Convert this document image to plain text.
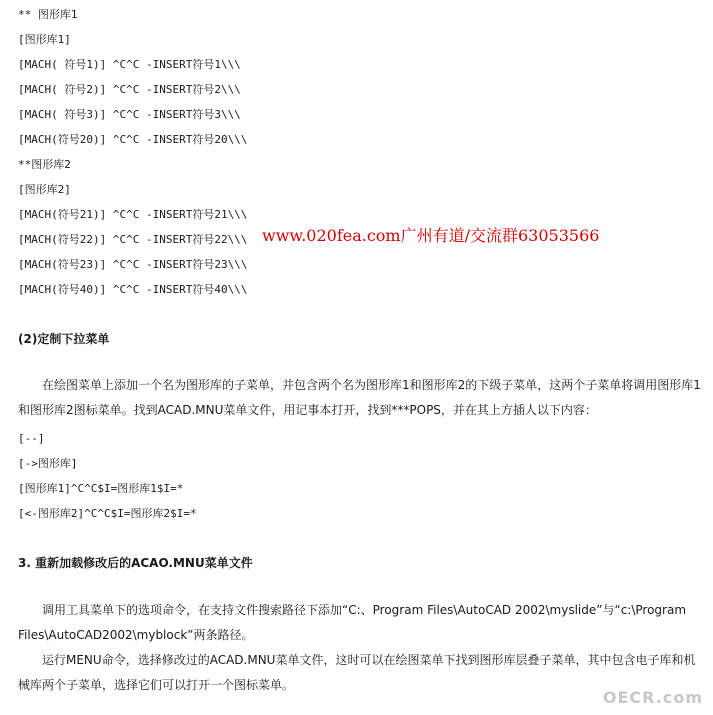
** 图形库1
[图形库1]
[MACH( 符号1)] ^C^C -INSERT符号1\\\
[MACH( 符号2)] ^C^C -INSERT符号2\\\
[MACH( 符号3)] ^C^C -INSERT符号3\\\
[MACH(符号20)] ^C^C -INSERT符号20\\\
**图形库2
[图形库2]
[MACH(符号21)] ^C^C -INSERT符号21\\\
[MACH(符号22)] ^C^C -INSERT符号22\\\
[MACH(符号23)] ^C^C -INSERT符号23\\\
[MACH(符号40)] ^C^C -INSERT符号40\\\
www.020fea.com广州有道/交流群63053566
(2)定制下拉菜单
　　在绘图菜单上添加一个名为图形库的子菜单，并包含两个名为图形库1和图形库2的下级子菜单，这两个子菜单将调用图形库1和图形库2图标菜单。找到ACAD.MNU菜单文件，用记事本打开，找到***POPS，并在其上方插人以下内容：
[--]
[->图形库]
[图形库1]^C^C$I=图形库1$I=*
[<-图形库2]^C^C$I=图形库2$I=*
3. 重新加载修改后的ACAO.MNU菜单文件
　　调用工具菜单下的选项命令，在支持文件搜索路径下添加“C:、Program Files\AutoCAD 2002\myslide”与“c:\Program Files\AutoCAD2002\myblock”两条路径。
　　运行MENU命令，选择修改过的ACAD.MNU菜单文件，这时可以在绘图菜单下找到图形库层叠子菜单，其中包含电子库和机械库两个子菜单，选择它们可以打开一个图标菜单。
OECR.com
